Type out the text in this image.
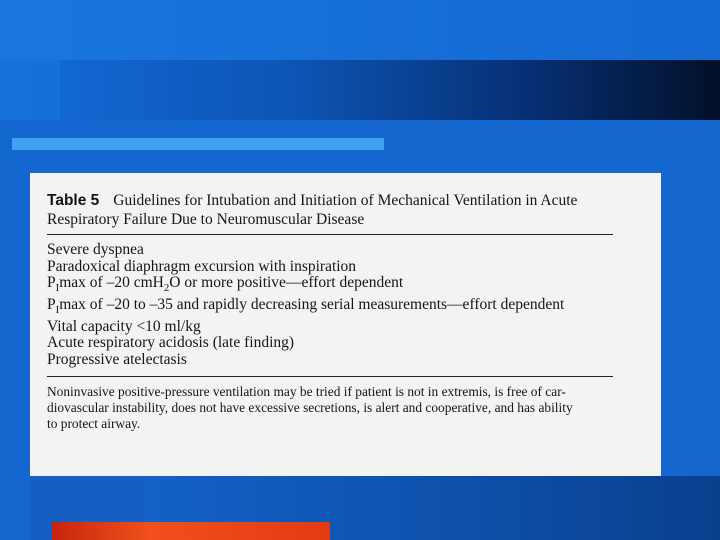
Table 5 Guidelines for Intubation and Initiation of Mechanical Ventilation in Acute
Respiratory Failure Due to Neuromuscular Disease
Severe dyspnea
Paradoxical diaphragm excursion with inspiration
$P_I\max$ of –20 cmH$_2$O or more positive—effort dependent
$P_I\max$ of –20 to –35 and rapidly decreasing serial measurements—effort dependent
Vital capacity <10 ml/kg
Acute respiratory acidosis (late finding)
Progressive atelectasis
Noninvasive positive-pressure ventilation may be tried if patient is not in extremis, is free of car-
diovascular instability, does not have excessive secretions, is alert and cooperative, and has ability
to protect airway.
